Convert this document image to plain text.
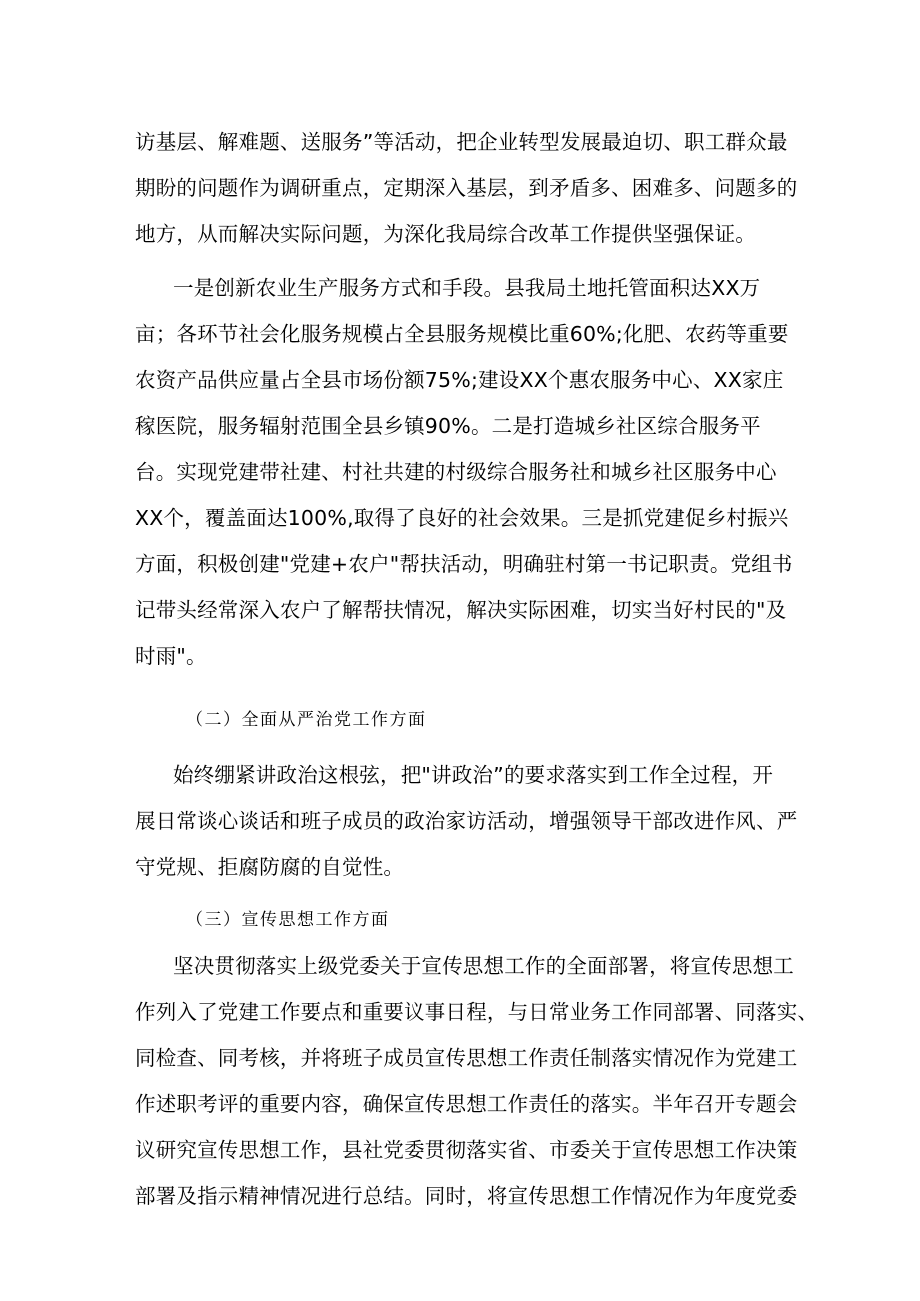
访基层、解难题、送服务”等活动，把企业转型发展最迫切、职工群众最
期盼的问题作为调研重点，定期深入基层，到矛盾多、困难多、问题多的
地方，从而解决实际问题，为深化我局综合改革工作提供坚强保证。
一是创新农业生产服务方式和手段。县我局土地托管面积达XX万
亩；各环节社会化服务规模占全县服务规模比重60%;化肥、农药等重要
农资产品供应量占全县市场份额75%;建设XX个惠农服务中心、XX家庄
稼医院，服务辐射范围全县乡镇90%。二是打造城乡社区综合服务平
台。实现党建带社建、村社共建的村级综合服务社和城乡社区服务中心
XX个，覆盖面达100%,取得了良好的社会效果。三是抓党建促乡村振兴
方面，积极创建"党建+农户"帮扶活动，明确驻村第一书记职责。党组书
记带头经常深入农户了解帮扶情况，解决实际困难，切实当好村民的"及
时雨"。
（二）全面从严治党工作方面
始终绷紧讲政治这根弦，把"讲政治”的要求落实到工作全过程，开
展日常谈心谈话和班子成员的政治家访活动，增强领导干部改进作风、严
守党规、拒腐防腐的自觉性。
（三）宣传思想工作方面
坚决贯彻落实上级党委关于宣传思想工作的全面部署，将宣传思想工
作列入了党建工作要点和重要议事日程，与日常业务工作同部署、同落实、
同检查、同考核，并将班子成员宣传思想工作责任制落实情况作为党建工
作述职考评的重要内容，确保宣传思想工作责任的落实。半年召开专题会
议研究宣传思想工作，县社党委贯彻落实省、市委关于宣传思想工作决策
部署及指示精神情况进行总结。同时，将宣传思想工作情况作为年度党委
